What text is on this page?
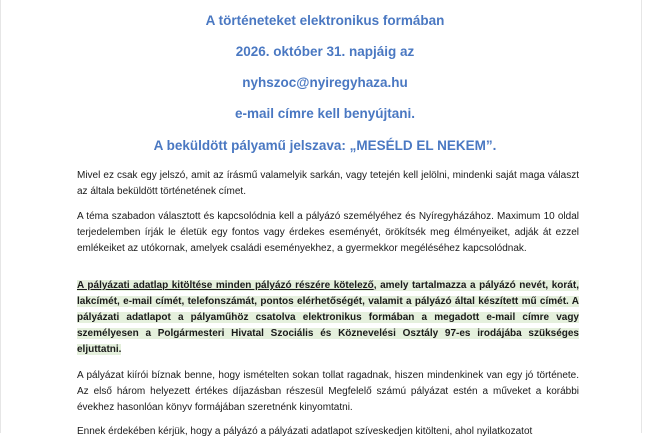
A történeteket elektronikus formában
2026. október 31. napjáig az
nyhszoc@nyiregyhaza.hu
e-mail címre kell benyújtani.
A beküldött pályamű jelszava: „MESÉLD EL NEKEM”.

Mivel ez csak egy jelszó, amit az írásmű valamelyik sarkán, vagy tetején kell jelölni, mindenki saját maga választ az általa beküldött történetének címet.

A téma szabadon választott és kapcsolódnia kell a pályázó személyéhez és Nyíregyházához. Maximum 10 oldal terjedelemben írják le életük egy fontos vagy érdekes eseményét, örökítsék meg élményeiket, adják át ezzel emlékeiket az utókornak, amelyek családi eseményekhez, a gyermekkor megéléséhez kapcsolódnak.

A pályázati adatlap kitöltése minden pályázó részére kötelező, amely tartalmazza a pályázó nevét, korát, lakcímét, e-mail címét, telefonszámát, pontos elérhetőségét, valamit a pályázó által készített mű címét. A pályázati adatlapot a pályaműhöz csatolva elektronikus formában a megadott e-mail címre vagy személyesen a Polgármesteri Hivatal Szociális és Köznevelési Osztály 97-es irodájába szükséges eljuttatni.

A pályázat kiírói bíznak benne, hogy ismételten sokan tollat ragadnak, hiszen mindenkinek van egy jó története. Az első három helyezett értékes díjazásban részesül Megfelelő számú pályázat estén a műveket a korábbi évekhez hasonlóan könyv formájában szeretnénk kinyomtatni.

Ennek érdekében kérjük, hogy a pályázó a pályázati adatlapot szíveskedjen kitölteni, ahol nyilatkozatot
